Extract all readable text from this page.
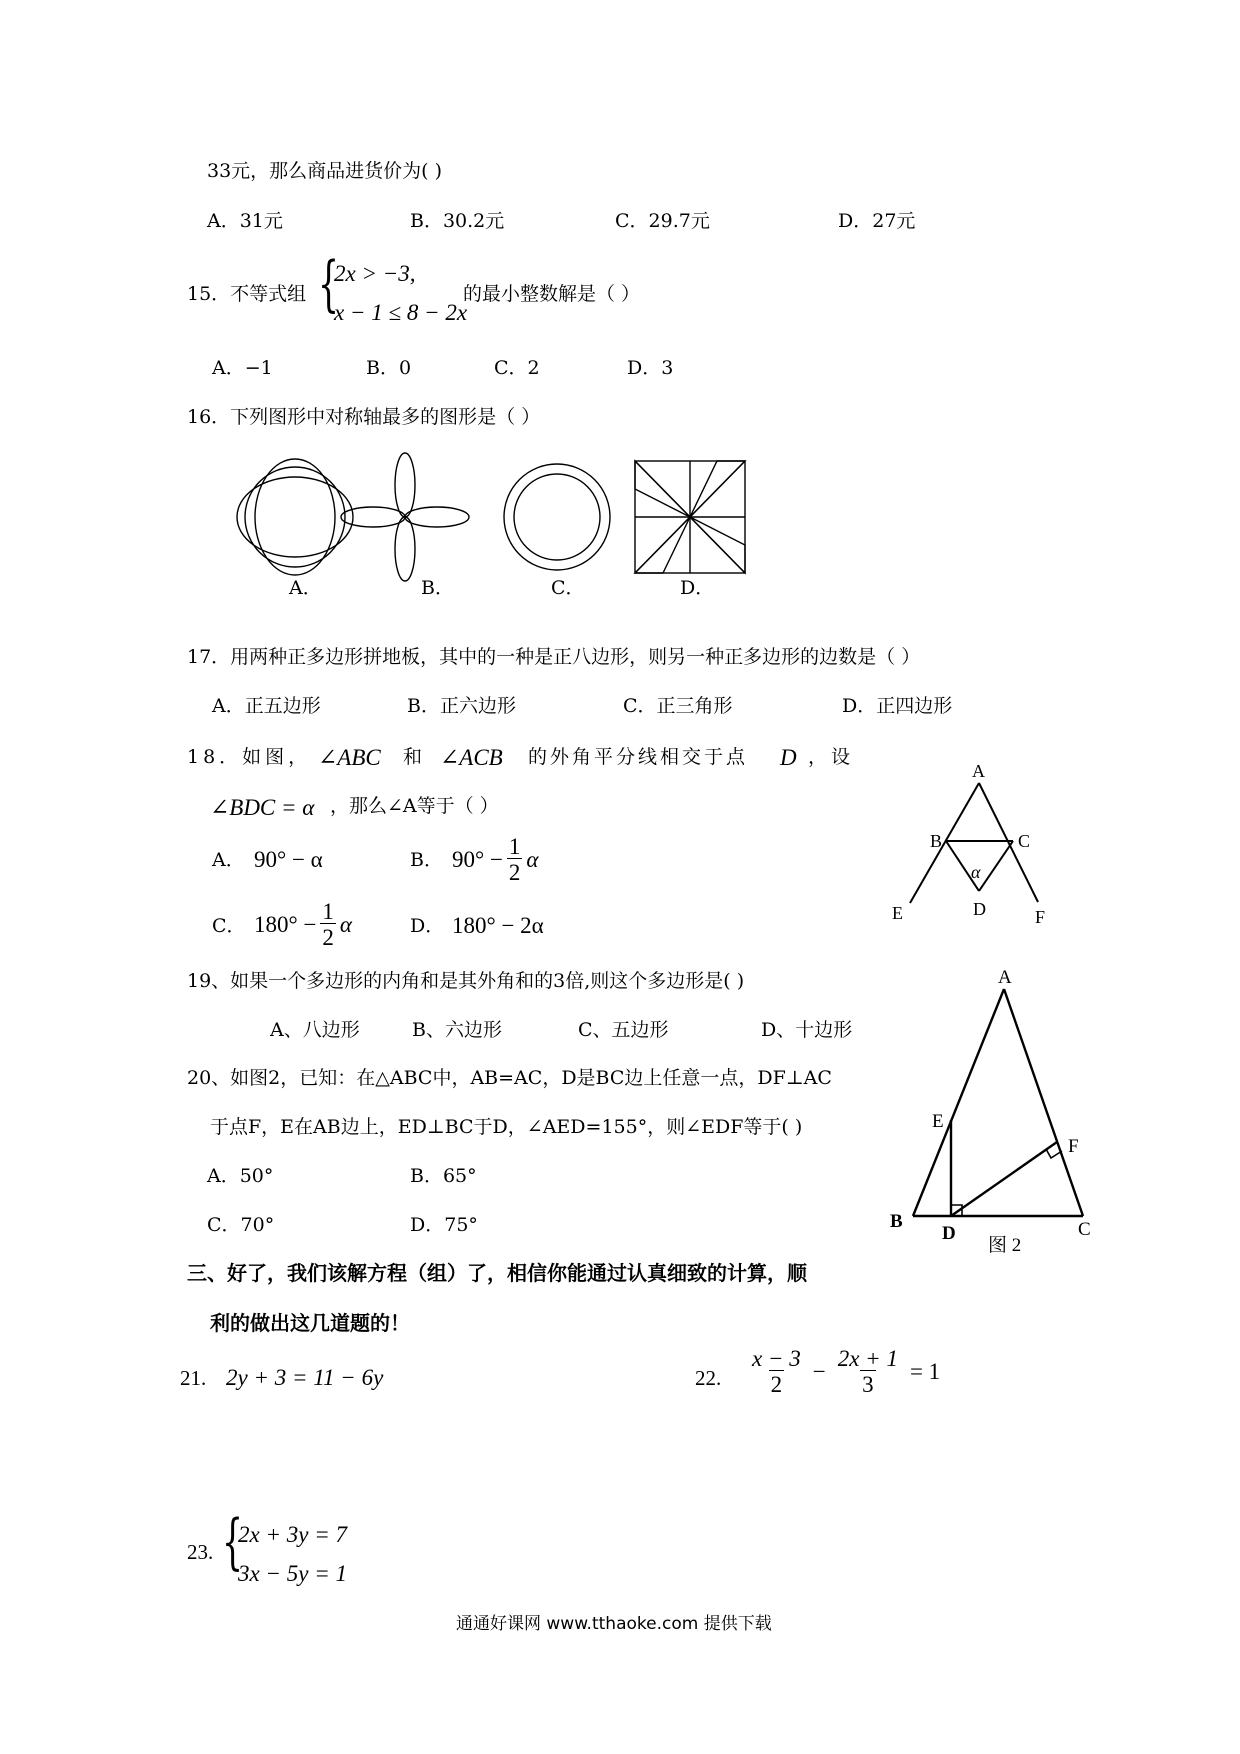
33元，那么商品进货价为( )
A．31元	B．30.2元	C．29.7元	D．27元
15．不等式组 {
2x > −3,
x − 1 ≤ 8 − 2x
的最小整数解是（ ）
A．−1	B．0	C．2	D．3
16．下列图形中对称轴最多的图形是（ ）
A．	B．	C．	D．
17．用两种正多边形拼地板，其中的一种是正八边形，则另一种正多边形的边数是（ ）
A．正五边形	B．正六边形	C．正三角形	D．正四边形
18．如图， ∠ABC 和 ∠ACB 的外角平分线相交于点 D ，设
∠BDC = α ，那么∠A等于（ ）
A． 90° − α	B． $90^\circ - \frac{1}{2}$ α
C． $180^\circ - \frac{1}{2}$ α	D． 180° − 2α
A
B	C
D
E	F
α
19、如果一个多边形的内角和是其外角和的3倍,则这个多边形是( )
A、八边形	B、六边形	C、五边形	D、十边形
20、如图2，已知：在△ABC中，AB=AC，D是BC边上任意一点，DF⊥AC
于点F，E在AB边上，ED⊥BC于D，∠AED=155°，则∠EDF等于( )
A．50°	B．65°
C．70°	D．75°
A
B	C
D
E
F
图 2
三、好了，我们该解方程（组）了，相信你能通过认真细致的计算，顺
利的做出这几道题的！
21. 2y + 3 = 11 − 6y	22. $\frac{x - 3}{2} - \frac{2x + 1}{3} = 1$
23. {
2x + 3y = 7
3x − 5y = 1
通通好课网 www.tthaoke.com 提供下载
